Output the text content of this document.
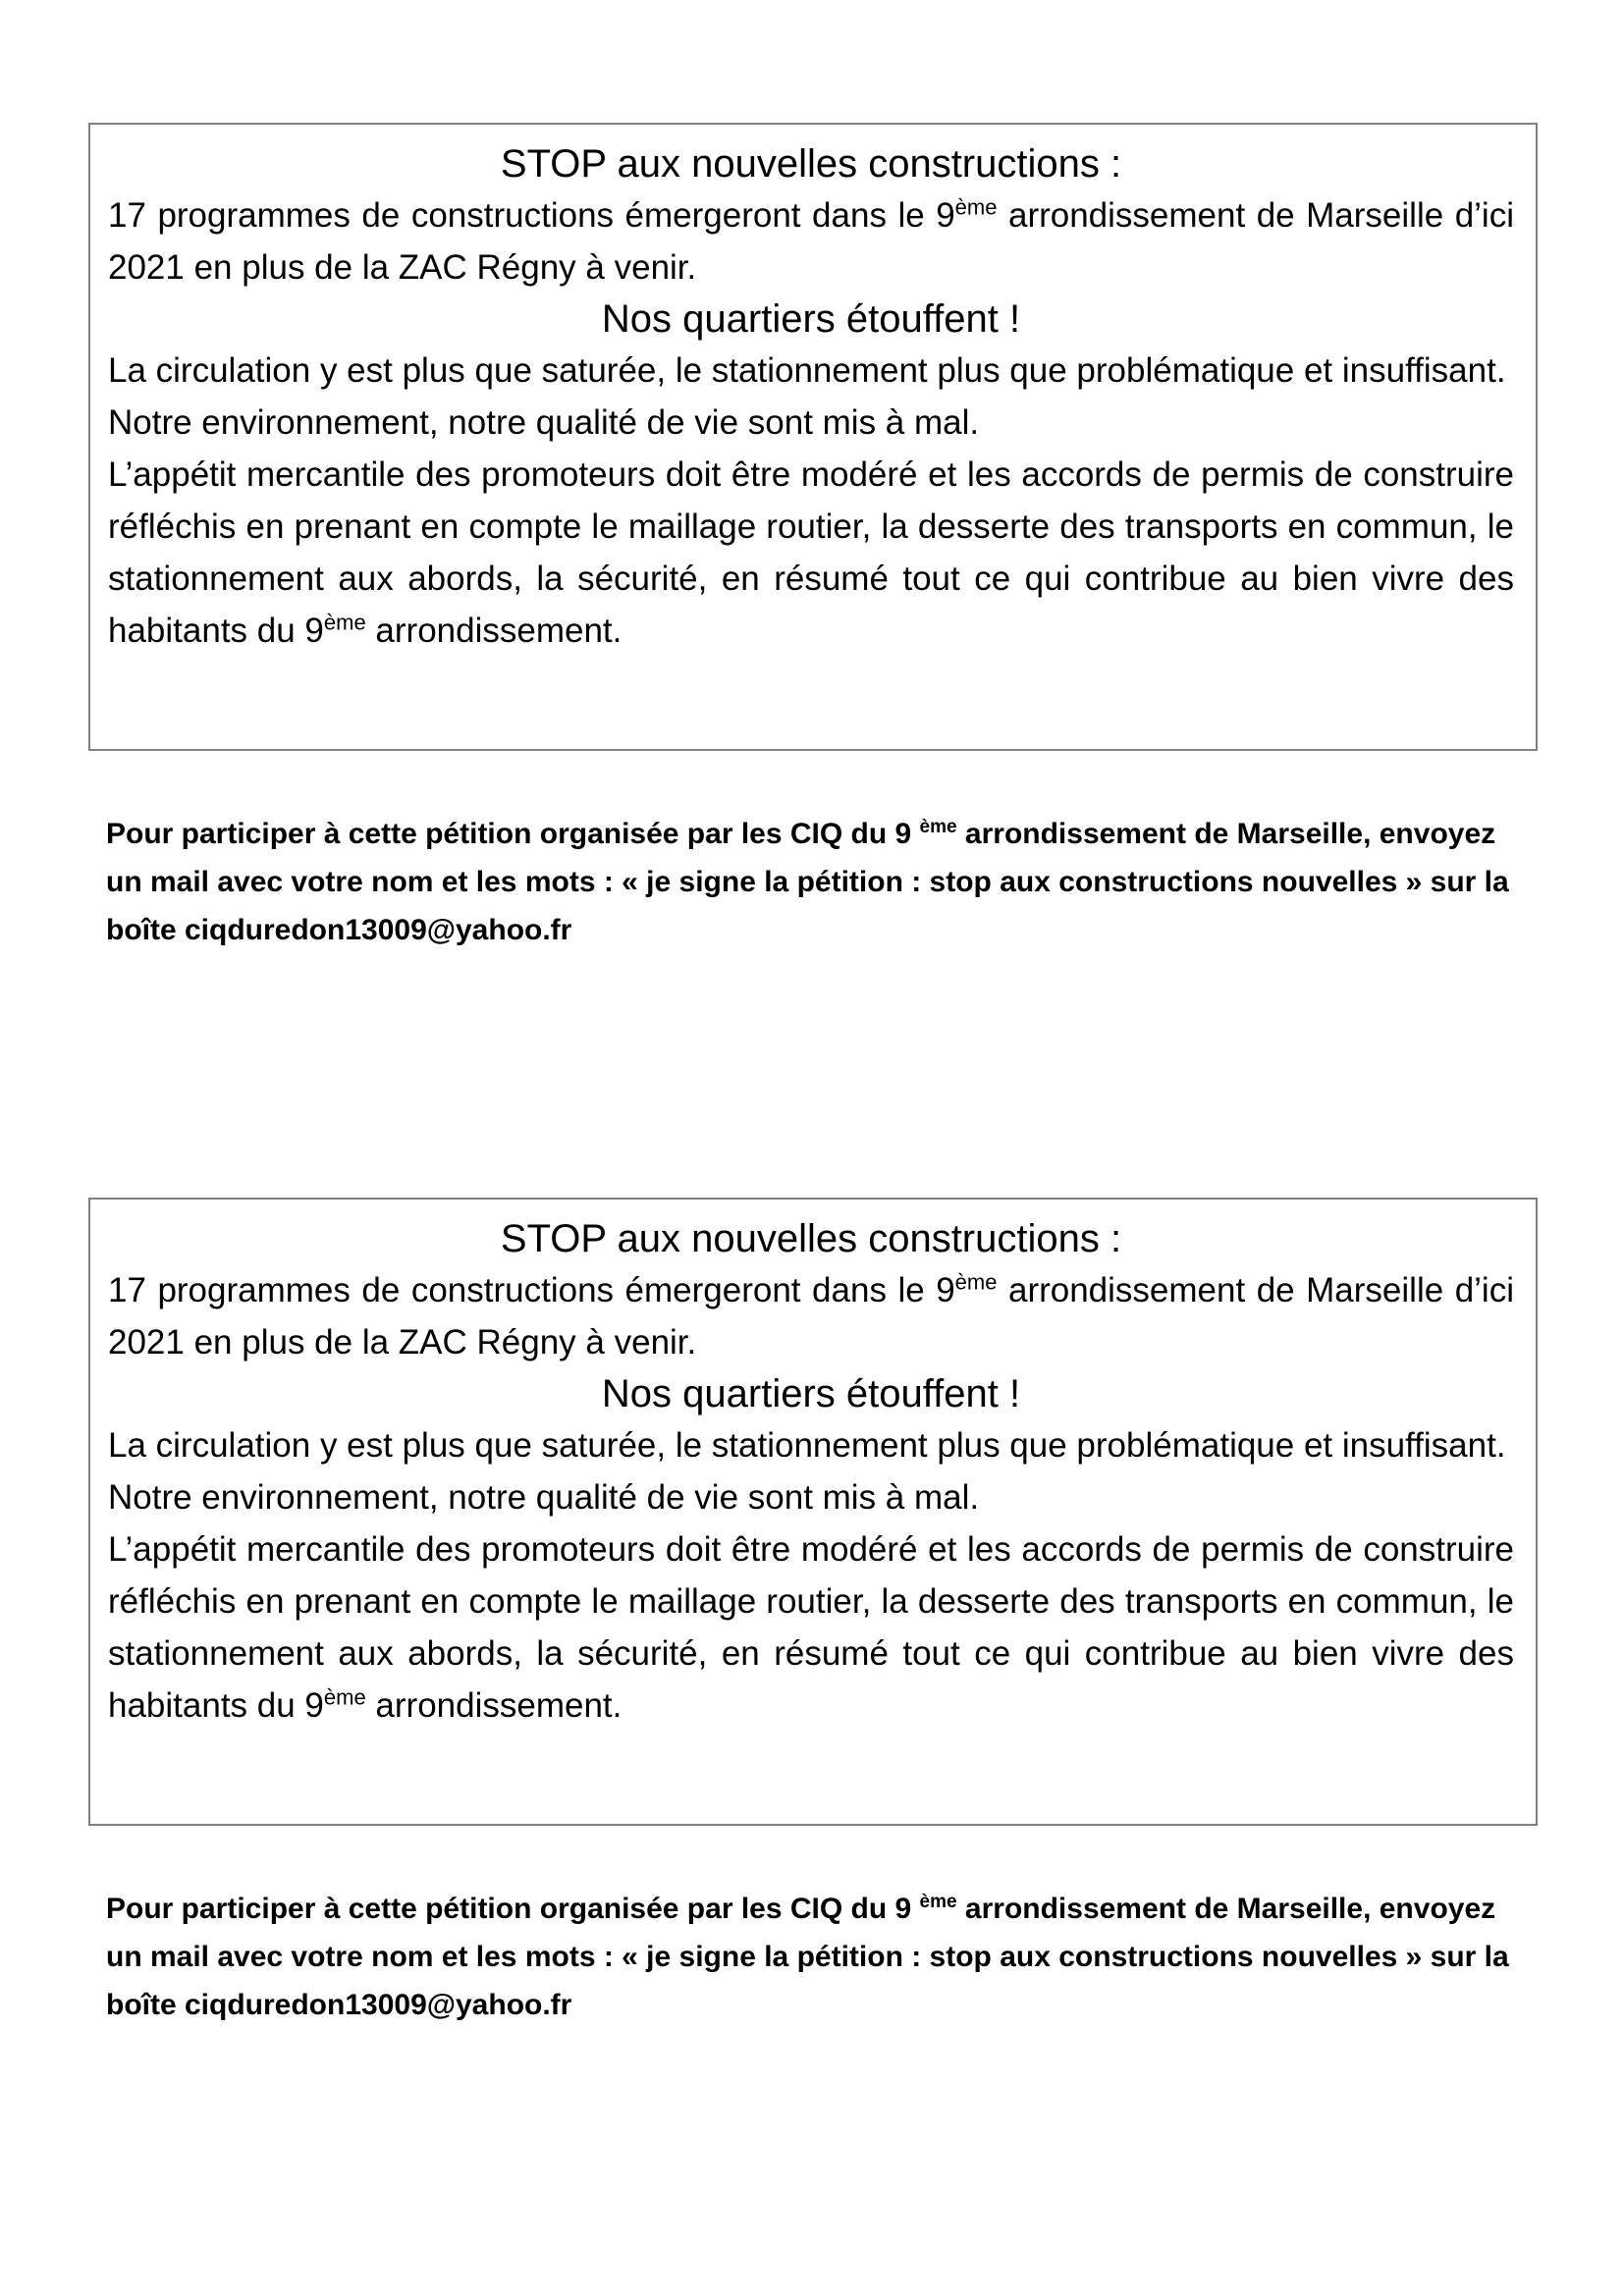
STOP aux nouvelles constructions :

17 programmes de constructions émergeront dans le 9ème arrondissement de Marseille d’ici 2021 en plus de la ZAC Régny à venir.

Nos quartiers étouffent !

La circulation y est plus que saturée, le stationnement plus que problématique et insuffisant.

Notre environnement, notre qualité de vie sont mis à mal.

L’appétit mercantile des promoteurs doit être modéré et les accords de permis de construire réfléchis en prenant en compte le maillage routier, la desserte des transports en commun, le stationnement aux abords, la sécurité, en résumé tout ce qui contribue au bien vivre des habitants du 9ème arrondissement.

Pour participer à cette pétition organisée par les CIQ du 9 $^{ème}$ arrondissement de Marseille, envoyez un mail avec votre nom et les mots : « je signe la pétition : stop aux constructions nouvelles » sur la boîte ciqduredon13009@yahoo.fr

STOP aux nouvelles constructions :

17 programmes de constructions émergeront dans le 9ème arrondissement de Marseille d’ici 2021 en plus de la ZAC Régny à venir.

Nos quartiers étouffent !

La circulation y est plus que saturée, le stationnement plus que problématique et insuffisant.

Notre environnement, notre qualité de vie sont mis à mal.

L’appétit mercantile des promoteurs doit être modéré et les accords de permis de construire réfléchis en prenant en compte le maillage routier, la desserte des transports en commun, le stationnement aux abords, la sécurité, en résumé tout ce qui contribue au bien vivre des habitants du 9ème arrondissement.

Pour participer à cette pétition organisée par les CIQ du 9 $^{ème}$ arrondissement de Marseille, envoyez un mail avec votre nom et les mots : « je signe la pétition : stop aux constructions nouvelles » sur la boîte ciqduredon13009@yahoo.fr
